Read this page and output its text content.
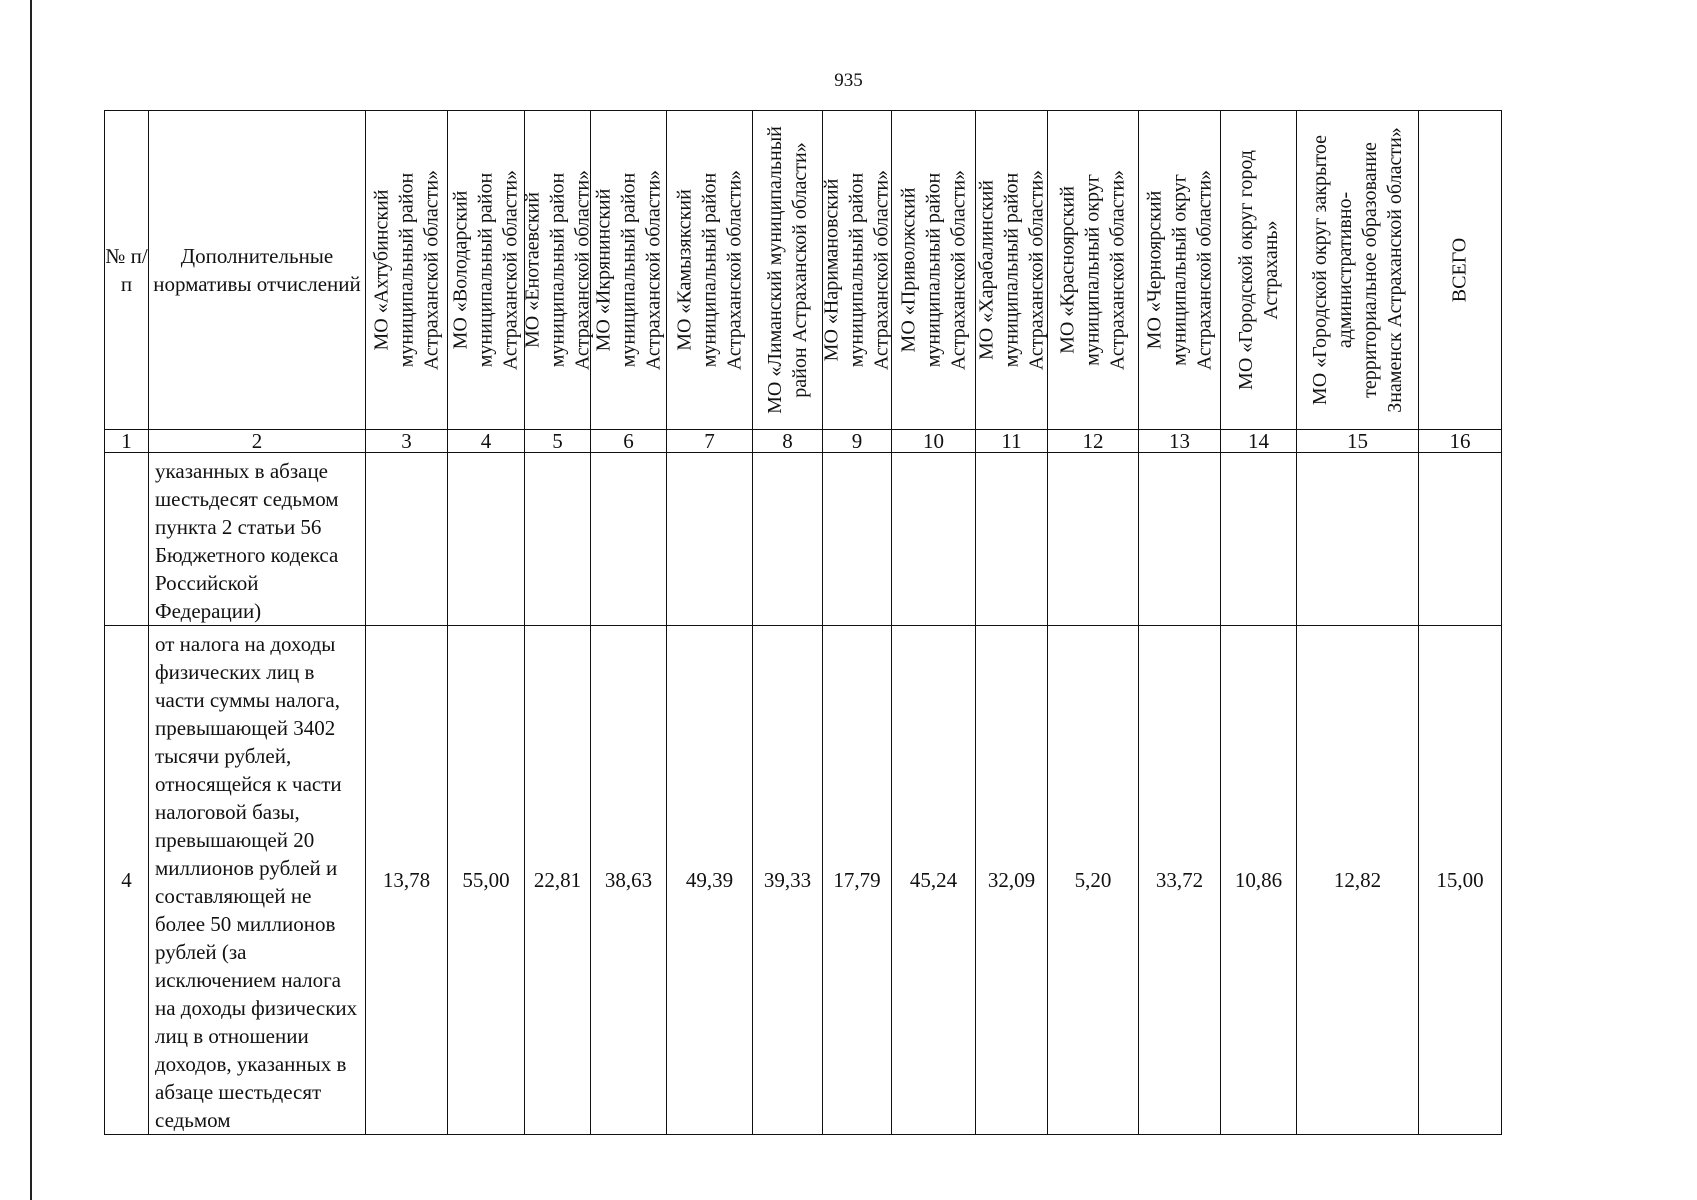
935
№ п/п	Дополнительные нормативы отчислений	МО «Ахтубинский муниципальный район Астраханской области»	МО «Володарский муниципальный район Астраханской области»	МО «Енотаевский муниципальный район Астраханской области»	МО «Икрянинский муниципальный район Астраханской области»	МО «Камызякский муниципальный район Астраханской области»	МО «Лиманский муниципальный район Астраханской области»	МО «Наримановский муниципальный район Астраханской области»	МО «Приволжский муниципальный район Астраханской области»	МО «Харабалинский муниципальный район Астраханской области»	МО «Красноярский муниципальный округ Астраханской области»	МО «Черноярский муниципальный округ Астраханской области»	МО «Городской округ город Астрахань»	МО «Городской округ закрытое административно-территориальное образование Знаменск Астраханской области»	ВСЕГО

1	2	3	4	5	6	7	8	9	10	11	12	13	14	15	16
	указанных в абзаце шестьдесят седьмом пункта 2 статьи 56 Бюджетного кодекса Российской Федерации)														
4	от налога на доходы физических лиц в части суммы налога, превышающей 3402 тысячи рублей, относящейся к части налоговой базы, превышающей 20 миллионов рублей и составляющей не более 50 миллионов рублей (за исключением налога на доходы физических лиц в отношении доходов, указанных в абзаце шестьдесят седьмом	13,78	55,00	22,81	38,63	49,39	39,33	17,79	45,24	32,09	5,20	33,72	10,86	12,82	15,00
